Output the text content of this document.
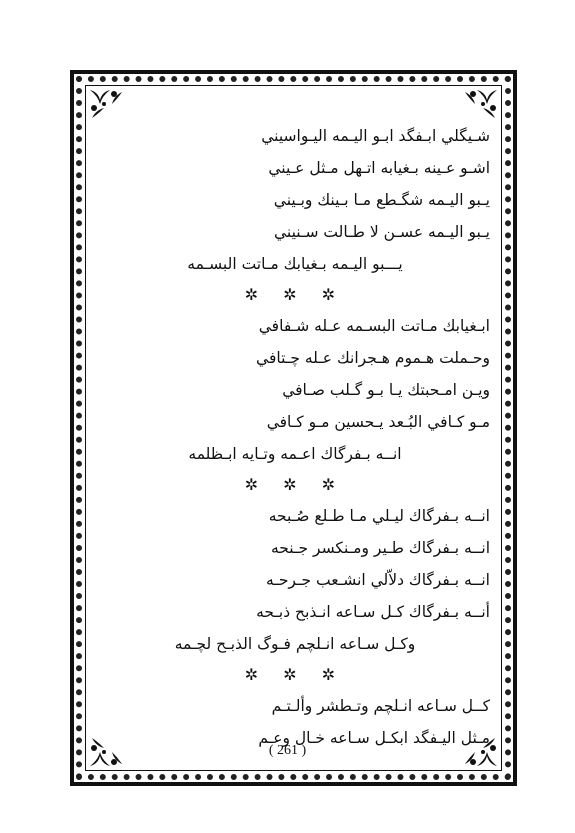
شـيگلي ابـفگد ابـو اليـمه اليـواسيني
اشـو عـينه بـغيابه اتـهل مـثل عـيني
يـبو اليـمه شگـطع مـا بـينك وبـيني
يـبو اليـمه عسـن لا طـالت سـنيني
يـــبو اليـمه بـغيابك مـاتت البسـمه
✲ ✲ ✲
ابـغيابك مـاتت البسـمه عـله شـفافي
وحـملت هـموم هـجرانك عـله چـتافي
ويـن امـحبتك يـا بـو گـلب صـافي
مـو كـافي البُـعد يـحسين مـو كـافي
انــه بـفرگاك اعـمه وتـايه ابـظلمه
✲ ✲ ✲
انــه بـفرگاك ليـلي مـا طـلع صُـبحه
انــه بـفرگاك طـير ومـنكسر جـنحه
انــه بـفرگاك دلاّلي انشـعب جـرحـه
أنــه بـفرگاك كـل سـاعه انـذبح ذبـحه
وكـل سـاعه انـلچم فـوگ الذبـح لچـمه
✲ ✲ ✲
كــل سـاعه انـلچم وتـطشر وألـتـم
مـثل اليـفگد ابكـل سـاعه خـال وعـم
( 261 )
